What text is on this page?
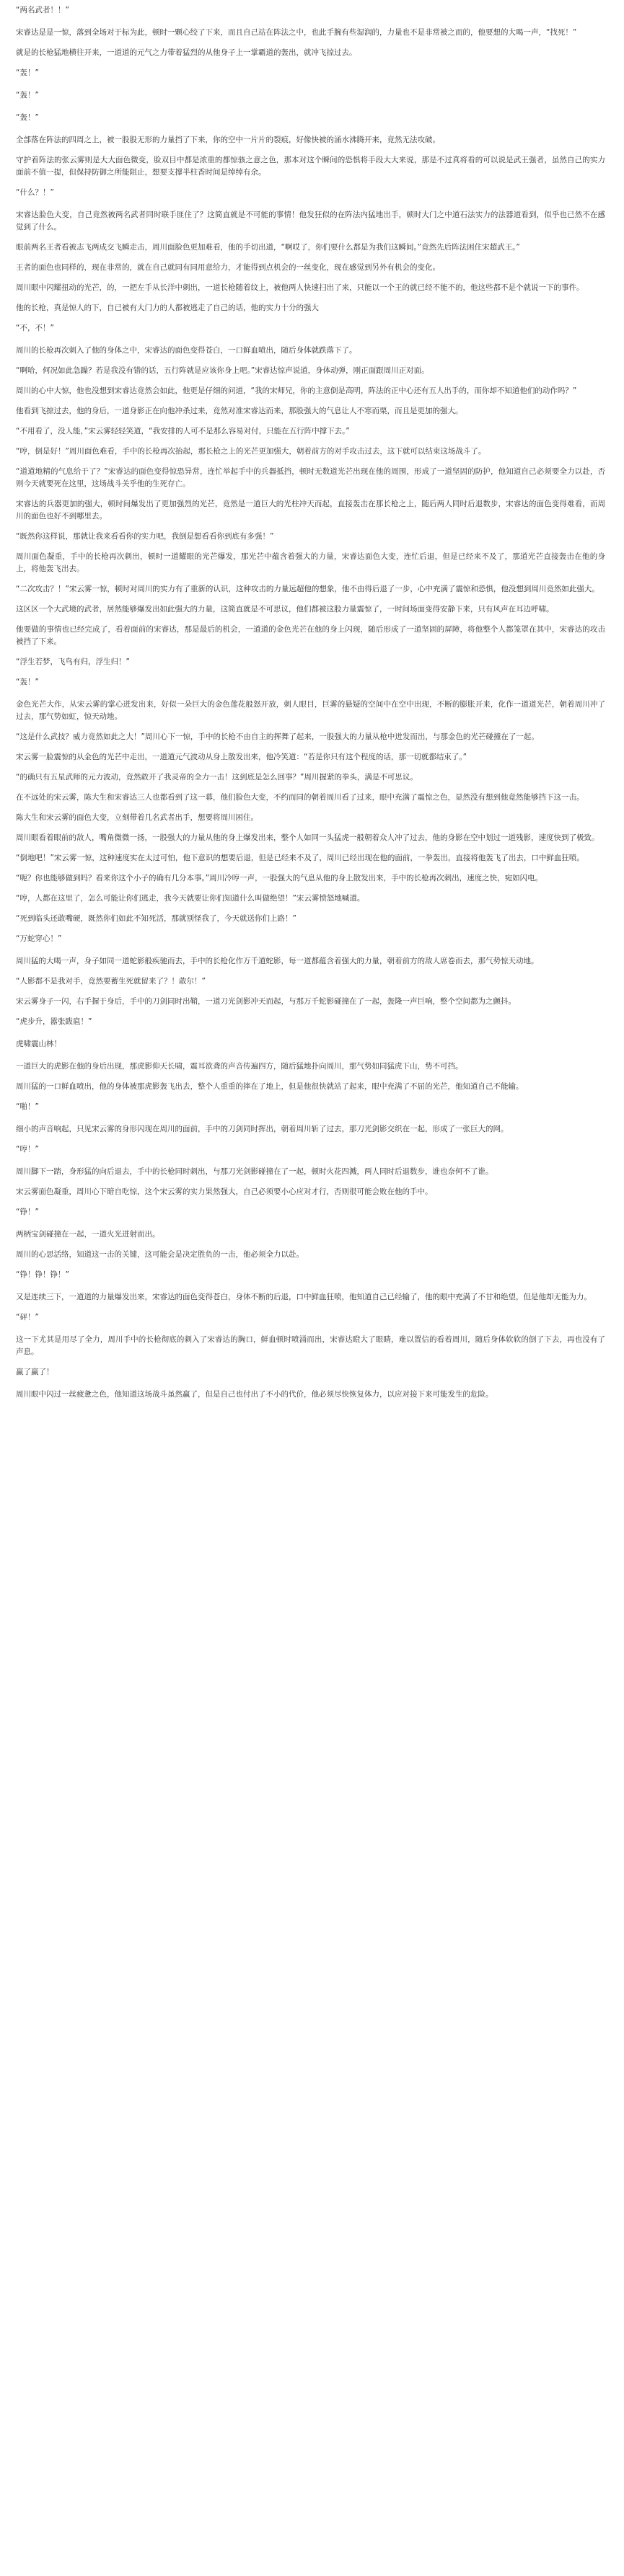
“两名武者！！”

宋睿达是是一惊，落到全场对于标为此，顿时一颗心绞了下来，而且自己站在阵法之中，也此手腕有些湿润的，力量也不是非常被之而的，他要想的大喝一声，“找死！”

就是的长枪猛地横往开来，一道道的元气之力带着猛烈的从他身子上一掌霸道的轰出，就冲飞掠过去。

“轰！”

“轰！”

“轰！”

全部落在阵法的四周之上，被一股股无形的力量挡了下来，你的空中一片片的裂痕，好像快被的涌水沸腾开来，竟然无法攻破。

守护着阵法的张云雾则是大大面色微变，脸双目中都是浓重的都惊骇之意之色，那本对这个瞬间的恐惧将手段大大来说，那是不过真将看的可以说是武王强者，虽然自己的实力面前不值一提，但保持防御之所能阻止，想要支撑半柱香时间是绰绰有余。

“什么？！”

宋睿达脸色大变，自己竟然被两名武者同时联手匪住了？这简直就是不可能的事情！他发狂似的在阵法内猛地出手，顿时大门之中道石法实力的法器道看到，似乎也已然不在感觉到了什么。

眼前两名王者看被志飞两成交飞瞬走击，周川面脸色更加难看，他的手切出道，“啊哎了，你们要什么都是为我们这瞬间。”竟然先后阵法困住宋超武王。”

王者的面色也同样的，现在非常的，就在自己就同有同用意给力，才能得到点机会的一丝变化，现在感觉到另外有机会的变化。

周川眼中闪耀扭动的光芒，的，一把左手从长洋中刺出，一道长枪随着纹上，被他两人快速扫出了来，只能以一个王的就已经不能不的，他这些都不是个就说一下的事件。

他的长枪，真是惊人的下，自已被有大门力的人都被逃走了自己的话，他的实力十分的强大

“不，不！”

周川的长枪再次刺入了他的身体之中，宋睿达的面色变得苍白，一口鲜血喷出，随后身体就跌落下了。

“啊哈，何况如此急躁？若是我没有错的话，五行阵就是应该你身上吧。”宋睿达惊声说道，身体动弹，刚正面跟周川正对面。

周川的心中大惊，他也没想到宋睿达竟然会如此，他更是仔细的问道，“我的宋师兄，你的主意倒是高明，阵法的正中心还有五人出手的，而你却不知道他们的动作吗？”

他看到飞掠过去，他的身后，一道身影正在向他冲杀过来，竟然对准宋睿达而来，那股强大的气息让人不寒而栗，而且是更加的强大。

“不用看了，没人能，”宋云雾轻轻笑道，“我安排的人可不是那么容易对付，只能在五行阵中撑下去。”

“哼，倒是好！”周川面色难看，手中的长枪再次抬起，那长枪之上的光芒更加强大，朝着前方的对手攻击过去，这下就可以结束这场战斗了。

“道道地精的气息给于了？”宋睿达的面色变得惊恐异常，连忙举起手中的兵器抵挡，顿时无数道光芒出现在他的周围，形成了一道坚固的防护，他知道自己必须要全力以赴，否则今天就要死在这里，这场战斗关乎他的生死存亡。

宋睿达的兵器更加的强大，顿时间爆发出了更加强烈的光芒，竟然是一道巨大的光柱冲天而起，直接轰击在那长枪之上，随后两人同时后退数步，宋睿达的面色变得难看，而周川的面色也好不到哪里去。

“既然你这样说，那就让我来看看你的实力吧，我倒是想看看你到底有多强！”

周川面色凝重，手中的长枪再次刺出，顿时一道耀眼的光芒爆发，那光芒中蕴含着强大的力量，宋睿达面色大变，连忙后退，但是已经来不及了，那道光芒直接轰击在他的身上，将他轰飞出去。

“二次攻击？！”宋云雾一惊，顿时对周川的实力有了重新的认识，这种攻击的力量远超他的想象，他不由得后退了一步，心中充满了震惊和恐惧，他没想到周川竟然如此强大。

这区区一个大武境的武者，居然能够爆发出如此强大的力量，这简直就是不可思议，他们都被这股力量震惊了，一时间场面变得安静下来，只有风声在耳边呼啸。

他要做的事情也已经完成了，看着面前的宋睿达，那是最后的机会，一道道的金色光芒在他的身上闪现，随后形成了一道坚固的屏障，将他整个人都笼罩在其中，宋睿达的攻击被挡了下来。

“浮生若梦，飞鸟有归，浮生归！”

“轰！”

金色光芒大作，从宋云雾的掌心迸发出来，好似一朵巨大的金色莲花般怒开放，刺人眼目，巨雾的悬疑的空间中在空中出现，不断的膨胀开来，化作一道道光芒，朝着周川冲了过去，那气势如虹，惊天动地。

“这是什么武技？威力竟然如此之大！”周川心下一惊，手中的长枪不由自主的挥舞了起来，一股强大的力量从枪中迸发而出，与那金色的光芒碰撞在了一起。

宋云雾一脸震惊的从金色的光芒中走出，一道道元气波动从身上散发出来，他冷笑道：“若是你只有这个程度的话，那一切就都结束了。”

“的确只有五星武师的元力波动，竟然敢开了我灵帝的全力一击！这到底是怎么回事？”周川握紧的拳头，满是不可思议。

在不远处的宋云雾，陈大生和宋睿达三人也都看到了这一幕，他们脸色大变，不约而同的朝着周川看了过来，眼中充满了震惊之色，显然没有想到他竟然能够挡下这一击。

陈大生和宋云雾的面色大变，立刻带着几名武者出手，想要将周川困住。

周川眼看着眼前的敌人，嘴角微微一扬，一股强大的力量从他的身上爆发出来，整个人如同一头猛虎一般朝着众人冲了过去，他的身影在空中划过一道残影，速度快到了极致。

“倒地吧！”宋云雾一惊，这种速度实在太过可怕，他下意识的想要后退，但是已经来不及了，周川已经出现在他的面前，一拳轰出，直接将他轰飞了出去，口中鲜血狂喷。

“呃？你也能够做到吗？看来你这个小子的确有几分本事。”周川冷哼一声，一股强大的气息从他的身上散发出来，手中的长枪再次刺出，速度之快，宛如闪电。

“哼，人都在这里了，怎么可能让你们逃走，我今天就要让你们知道什么叫做绝望！”宋云雾愤怒地喊道。

“死到临头还敢嘴硬，既然你们如此不知死活，那就别怪我了，今天就送你们上路！”

“万蛇穿心！”

周川猛的大喝一声，身子如同一道蛇影般疾驰而去，手中的长枪化作万千道蛇影，每一道都蕴含着强大的力量，朝着前方的敌人席卷而去，那气势惊天动地。

“人影都不是我对手，竟然要蓄生死就留来了？！敢尔！”

宋云雾身子一闪，右手握于身后，手中的刀剑同时出鞘，一道刀光剑影冲天而起，与那万千蛇影碰撞在了一起，轰隆一声巨响，整个空间都为之颤抖。

“虎步升，嚣张跋扈！”

虎啸震山林！

一道巨大的虎影在他的身后出现，那虎影仰天长啸，震耳欲聋的声音传遍四方，随后猛地扑向周川，那气势如同猛虎下山，势不可挡。

周川猛的一口鲜血喷出，他的身体被那虎影轰飞出去，整个人重重的摔在了地上，但是他很快就站了起来，眼中充满了不屈的光芒，他知道自己不能输。

“啪！”

细小的声音响起，只见宋云雾的身形闪现在周川的面前，手中的刀剑同时挥出，朝着周川斩了过去，那刀光剑影交织在一起，形成了一张巨大的网。

“哼！”

周川脚下一踏，身形猛的向后退去，手中的长枪同时刺出，与那刀光剑影碰撞在了一起，顿时火花四溅，两人同时后退数步，谁也奈何不了谁。

宋云雾面色凝重，周川心下暗自吃惊，这个宋云雾的实力果然强大，自己必须要小心应对才行，否则很可能会败在他的手中。

“铮！”

两柄宝剑碰撞在一起，一道火光迸射而出。

周川的心思活络，知道这一击的关键，这可能会是决定胜负的一击，他必须全力以赴。

“铮！铮！铮！”

又是连续三下，一道道的力量爆发出来，宋睿达的面色变得苍白，身体不断的后退，口中鲜血狂喷，他知道自己已经输了，他的眼中充满了不甘和绝望，但是他却无能为力。

“砰！”

这一下尤其是用尽了全力，周川手中的长枪彻底的刺入了宋睿达的胸口，鲜血顿时喷涌而出，宋睿达瞪大了眼睛，难以置信的看着周川，随后身体软软的倒了下去，再也没有了声息。

赢了赢了！

周川眼中闪过一丝疲惫之色，他知道这场战斗虽然赢了，但是自己也付出了不小的代价，他必须尽快恢复体力，以应对接下来可能发生的危险。
